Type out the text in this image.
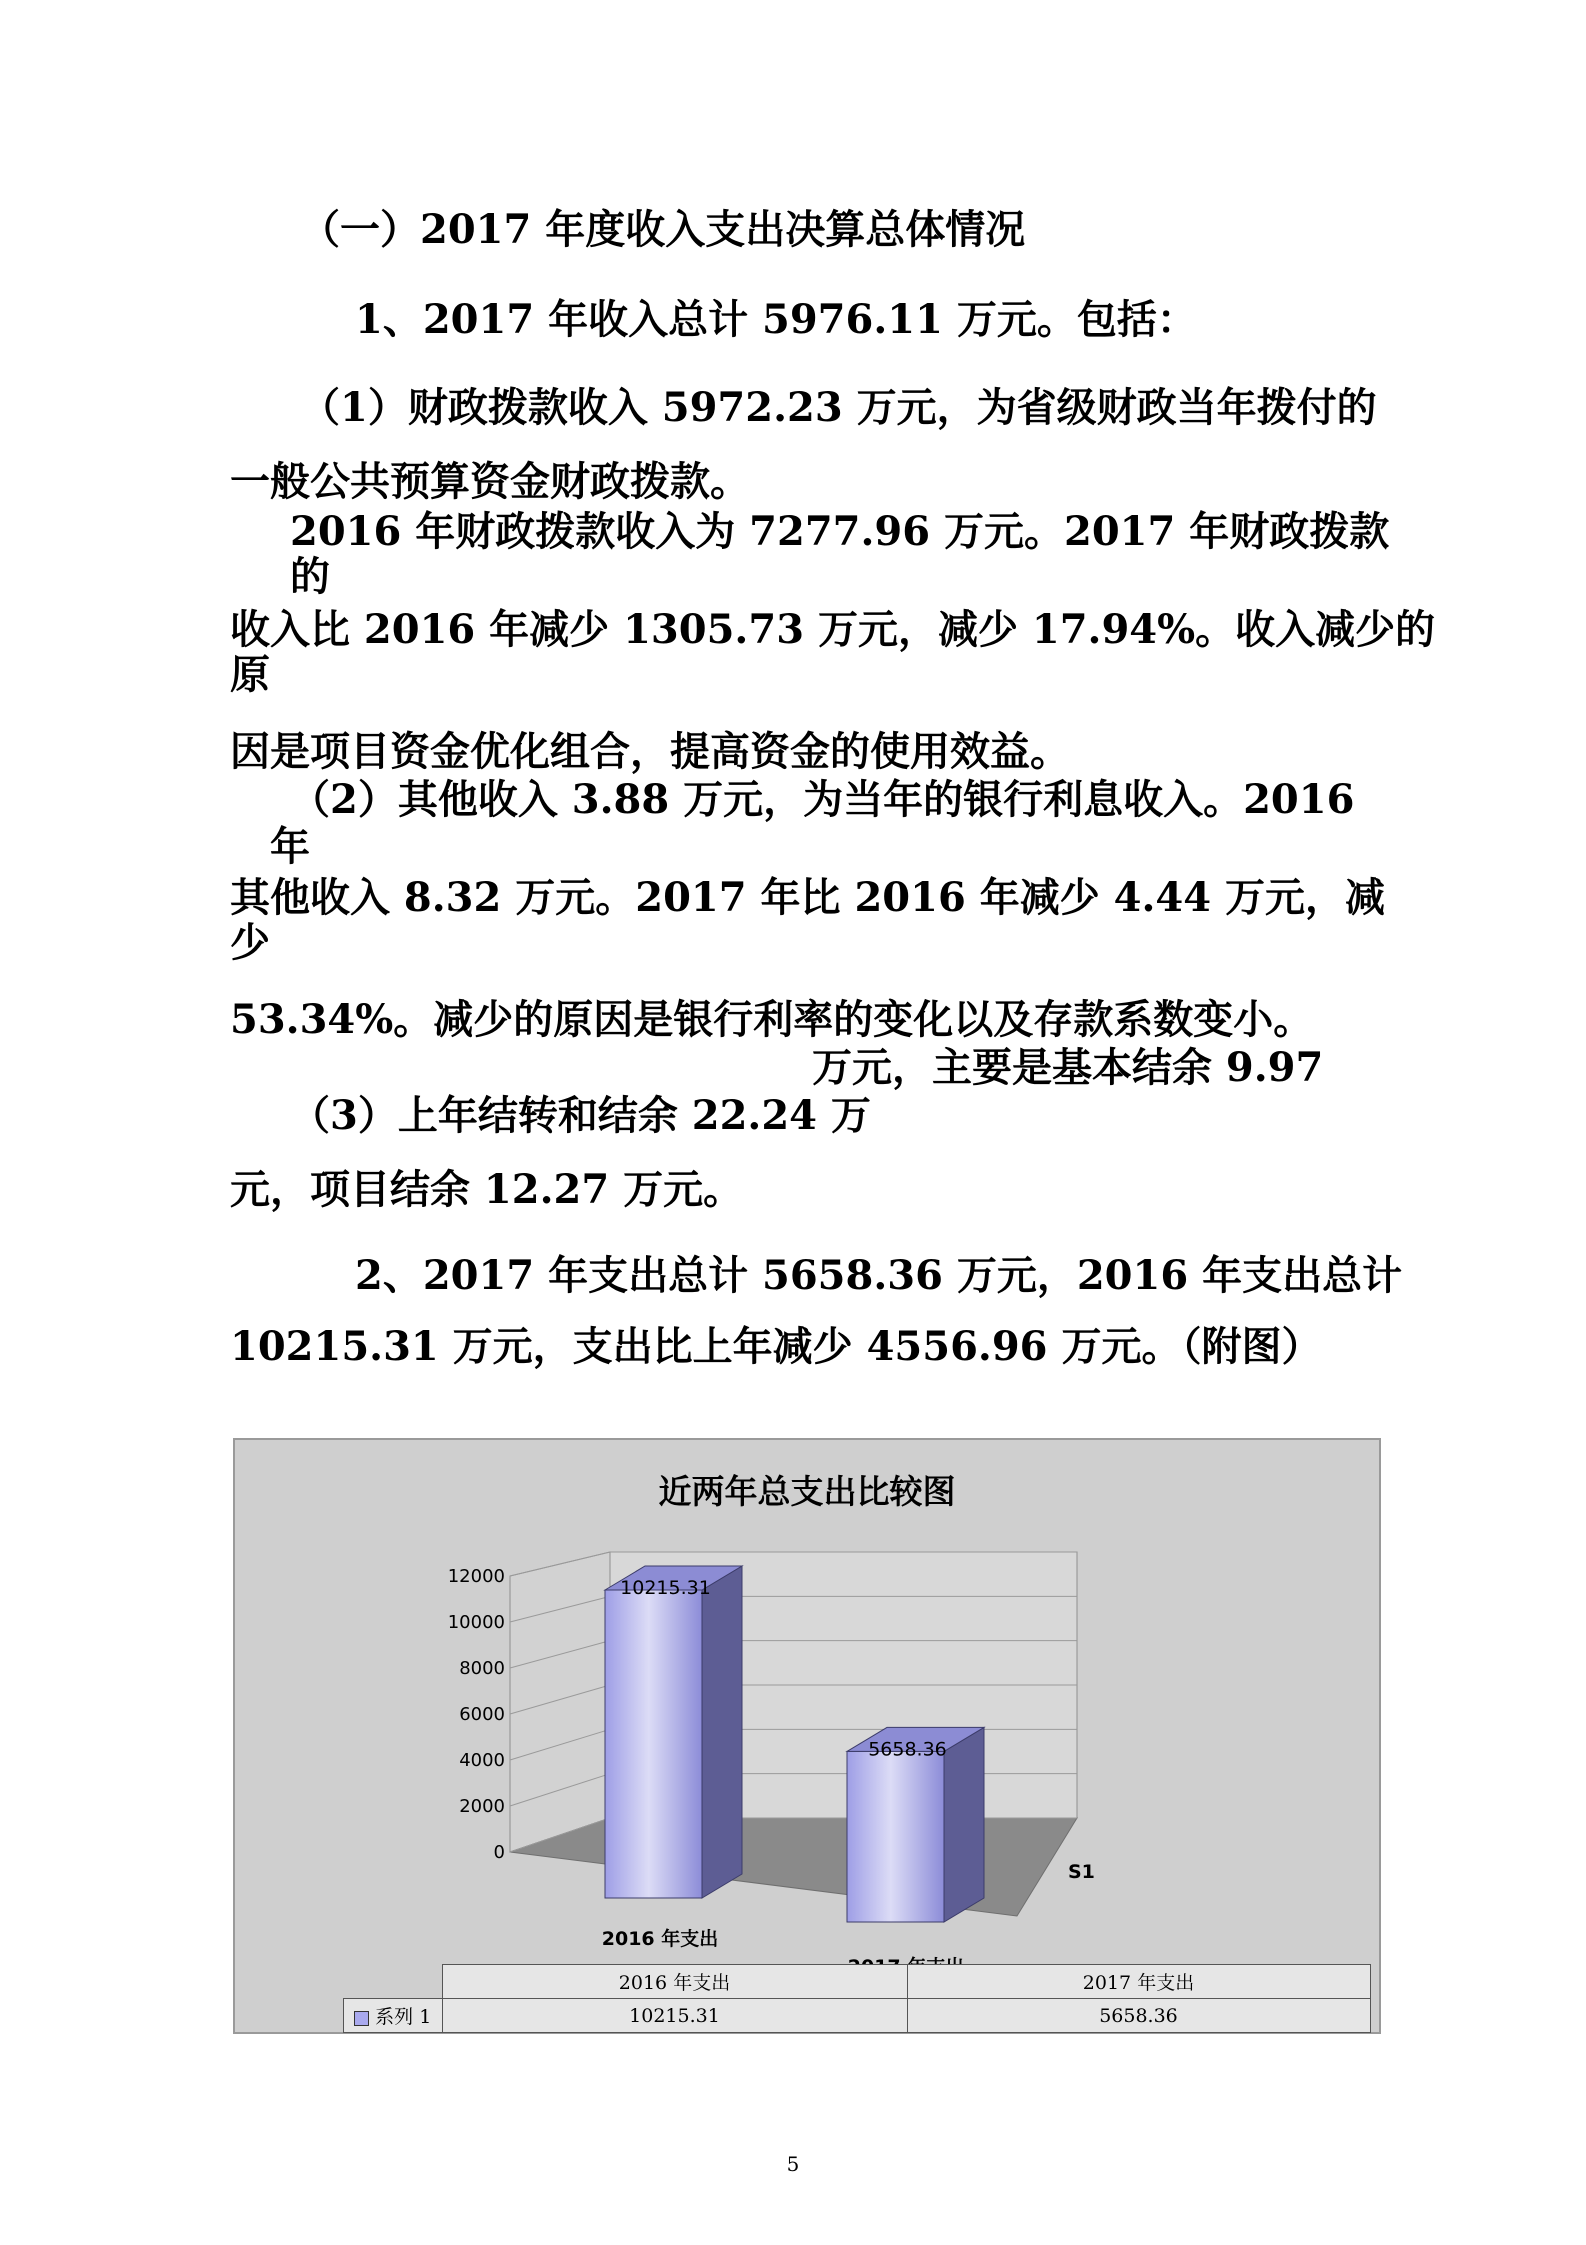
（一）2017 年度收入支出决算总体情况
1、2017 年收入总计 5976.11 万元。包括：
（1）财政拨款收入 5972.23 万元，为省级财政当年拨付的
一般公共预算资金财政拨款。
2016 年财政拨款收入为 7277.96 万元。2017 年财政拨款
的
收入比 2016 年减少 1305.73 万元，减少 17.94%。收入减少的
原
因是项目资金优化组合，提高资金的使用效益。
（2）其他收入 3.88 万元，为当年的银行利息收入。2016
年
其他收入 8.32 万元。2017 年比 2016 年减少 4.44 万元，减
少
53.34%。减少的原因是银行利率的变化以及存款系数变小。
万元，主要是基本结余 9.97
（3）上年结转和结余 22.24 万
元，项目结余 12.27 万元。
2、2017 年支出总计 5658.36 万元，2016 年支出总计
10215.31 万元，支出比上年减少 4556.96 万元。（附图）
近两年总支出比较图
0
2000
4000
6000
8000
10000
12000
10215.31
5658.36
2016 年支出
S1
	2016 年支出	2017 年支出
系列 1	10215.31	5658.36
5
